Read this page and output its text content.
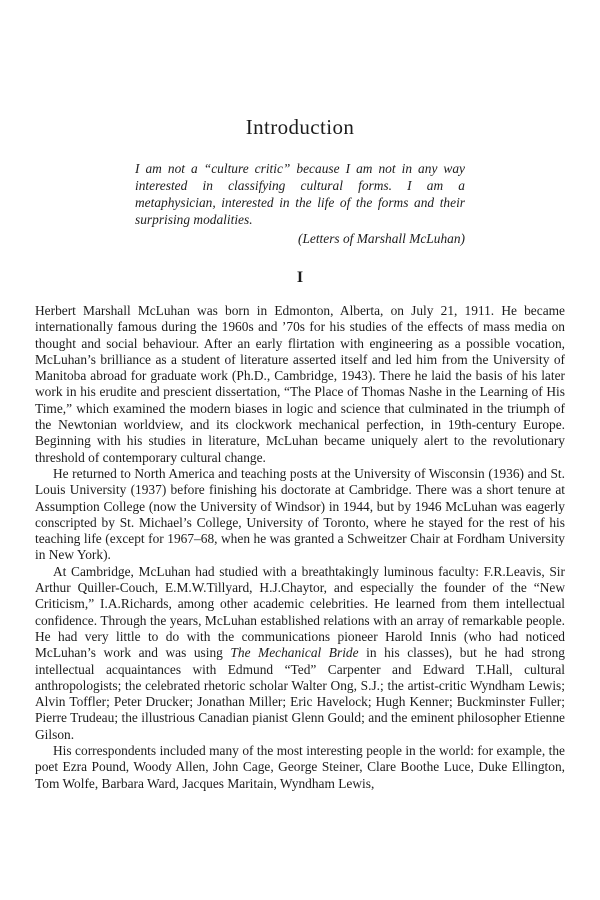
Introduction

I am not a “culture critic” because I am not in any way interested in classifying cultural forms. I am a metaphysician, interested in the life of the forms and their surprising modalities.

(Letters of Marshall McLuhan)

I

Herbert Marshall McLuhan was born in Edmonton, Alberta, on July 21, 1911. He became internationally famous during the 1960s and ’70s for his studies of the effects of mass media on thought and social behaviour. After an early flirtation with engineering as a possible vocation, McLuhan’s brilliance as a student of literature asserted itself and led him from the University of Manitoba abroad for graduate work (Ph.D., Cambridge, 1943). There he laid the basis of his later work in his erudite and prescient dissertation, “The Place of Thomas Nashe in the Learning of His Time,” which examined the modern biases in logic and science that culminated in the triumph of the Newtonian worldview, and its clockwork mechanical perfection, in 19th-century Europe. Beginning with his studies in literature, McLuhan became uniquely alert to the revolutionary threshold of contemporary cultural change.

He returned to North America and teaching posts at the University of Wisconsin (1936) and St. Louis University (1937) before finishing his doctorate at Cambridge. There was a short tenure at Assumption College (now the University of Windsor) in 1944, but by 1946 McLuhan was eagerly conscripted by St. Michael’s College, University of Toronto, where he stayed for the rest of his teaching life (except for 1967–68, when he was granted a Schweitzer Chair at Fordham University in New York).

At Cambridge, McLuhan had studied with a breathtakingly luminous faculty: F.R.Leavis, Sir Arthur Quiller-Couch, E.M.W.Tillyard, H.J.Chaytor, and especially the founder of the “New Criticism,” I.A.Richards, among other academic celebrities. He learned from them intellectual confidence. Through the years, McLuhan established relations with an array of remarkable people. He had very little to do with the communications pioneer Harold Innis (who had noticed McLuhan’s work and was using The Mechanical Bride in his classes), but he had strong intellectual acquaintances with Edmund “Ted” Carpenter and Edward T.Hall, cultural anthropologists; the celebrated rhetoric scholar Walter Ong, S.J.; the artist-critic Wyndham Lewis; Alvin Toffler; Peter Drucker; Jonathan Miller; Eric Havelock; Hugh Kenner; Buckminster Fuller; Pierre Trudeau; the illustrious Canadian pianist Glenn Gould; and the eminent philosopher Etienne Gilson.

His correspondents included many of the most interesting people in the world: for example, the poet Ezra Pound, Woody Allen, John Cage, George Steiner, Clare Boothe Luce, Duke Ellington, Tom Wolfe, Barbara Ward, Jacques Maritain, Wyndham Lewis,
